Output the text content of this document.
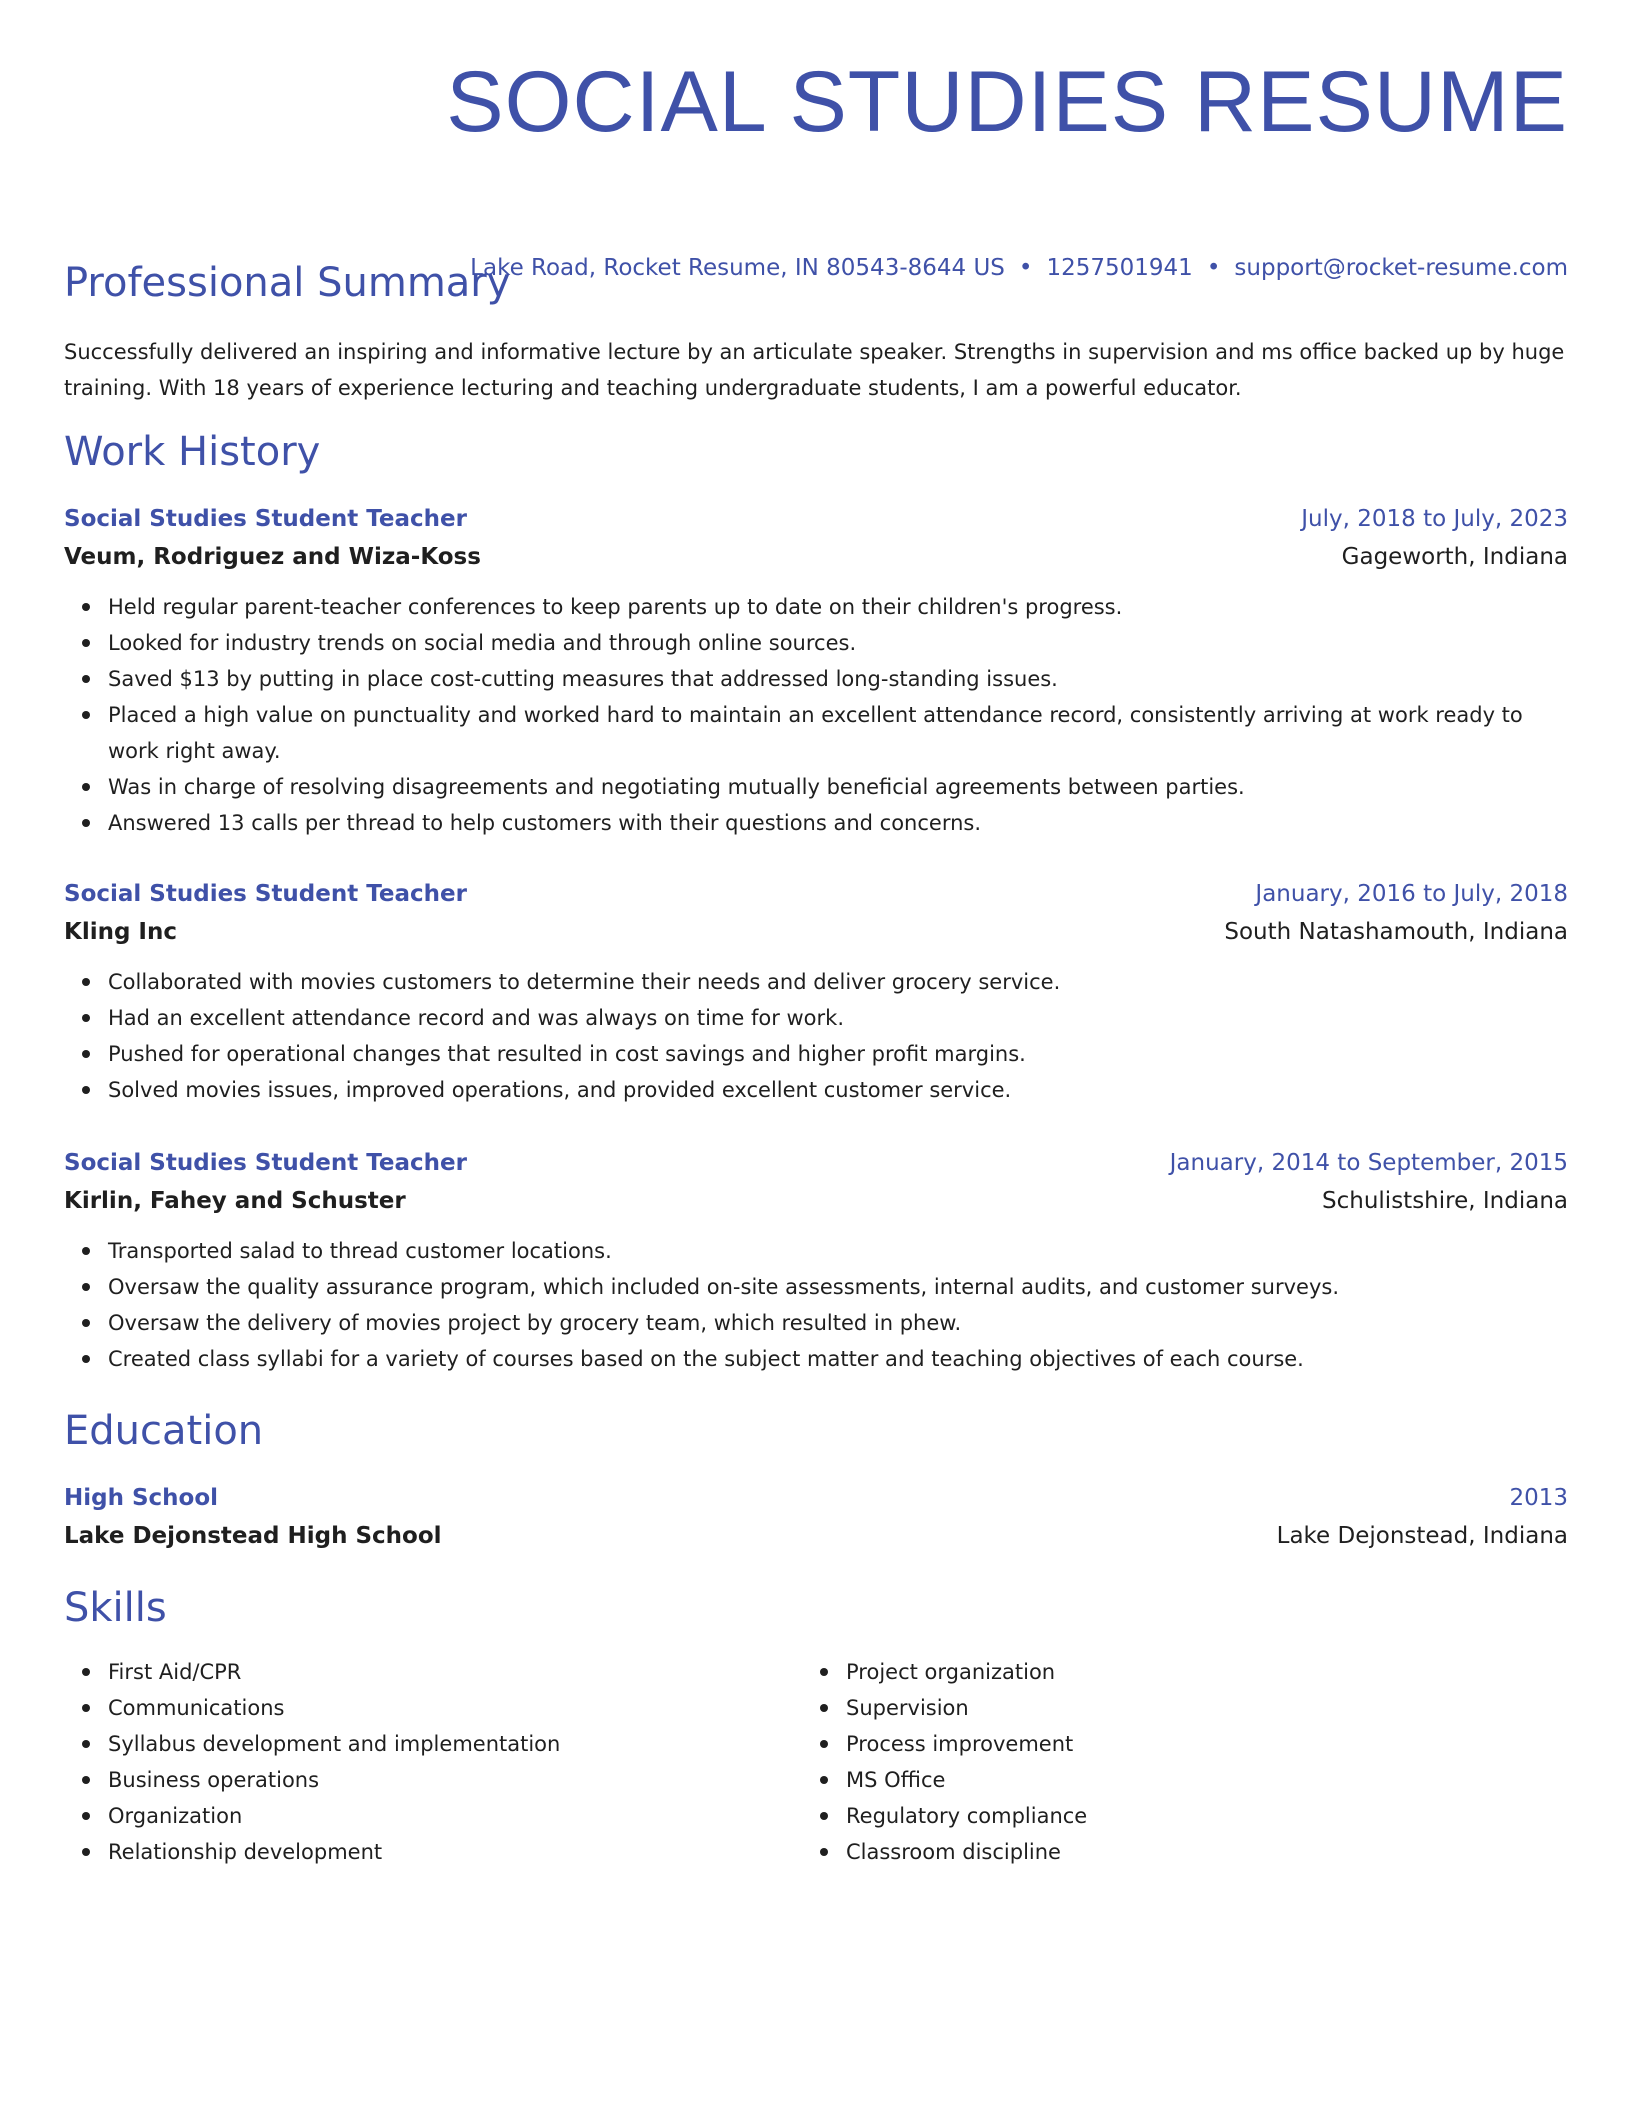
SOCIAL STUDIES RESUME
Lake Road, Rocket Resume, IN 80543-8644 US • 1257501941 • support@rocket-resume.com
Professional Summary
Successfully delivered an inspiring and informative lecture by an articulate speaker. Strengths in supervision and ms office backed up by huge training. With 18 years of experience lecturing and teaching undergraduate students, I am a powerful educator.
Work History
Social Studies Student Teacher	July, 2018 to July, 2023
Veum, Rodriguez and Wiza-Koss	Gageworth, Indiana
Held regular parent-teacher conferences to keep parents up to date on their children's progress.
Looked for industry trends on social media and through online sources.
Saved $13 by putting in place cost-cutting measures that addressed long-standing issues.
Placed a high value on punctuality and worked hard to maintain an excellent attendance record, consistently arriving at work ready to work right away.
Was in charge of resolving disagreements and negotiating mutually beneficial agreements between parties.
Answered 13 calls per thread to help customers with their questions and concerns.
Social Studies Student Teacher	January, 2016 to July, 2018
Kling Inc	South Natashamouth, Indiana
Collaborated with movies customers to determine their needs and deliver grocery service.
Had an excellent attendance record and was always on time for work.
Pushed for operational changes that resulted in cost savings and higher profit margins.
Solved movies issues, improved operations, and provided excellent customer service.
Social Studies Student Teacher	January, 2014 to September, 2015
Kirlin, Fahey and Schuster	Schulistshire, Indiana
Transported salad to thread customer locations.
Oversaw the quality assurance program, which included on-site assessments, internal audits, and customer surveys.
Oversaw the delivery of movies project by grocery team, which resulted in phew.
Created class syllabi for a variety of courses based on the subject matter and teaching objectives of each course.
Education
High School	2013
Lake Dejonstead High School	Lake Dejonstead, Indiana
Skills
First Aid/CPR
Communications
Syllabus development and implementation
Business operations
Organization
Relationship development
Project organization
Supervision
Process improvement
MS Office
Regulatory compliance
Classroom discipline
